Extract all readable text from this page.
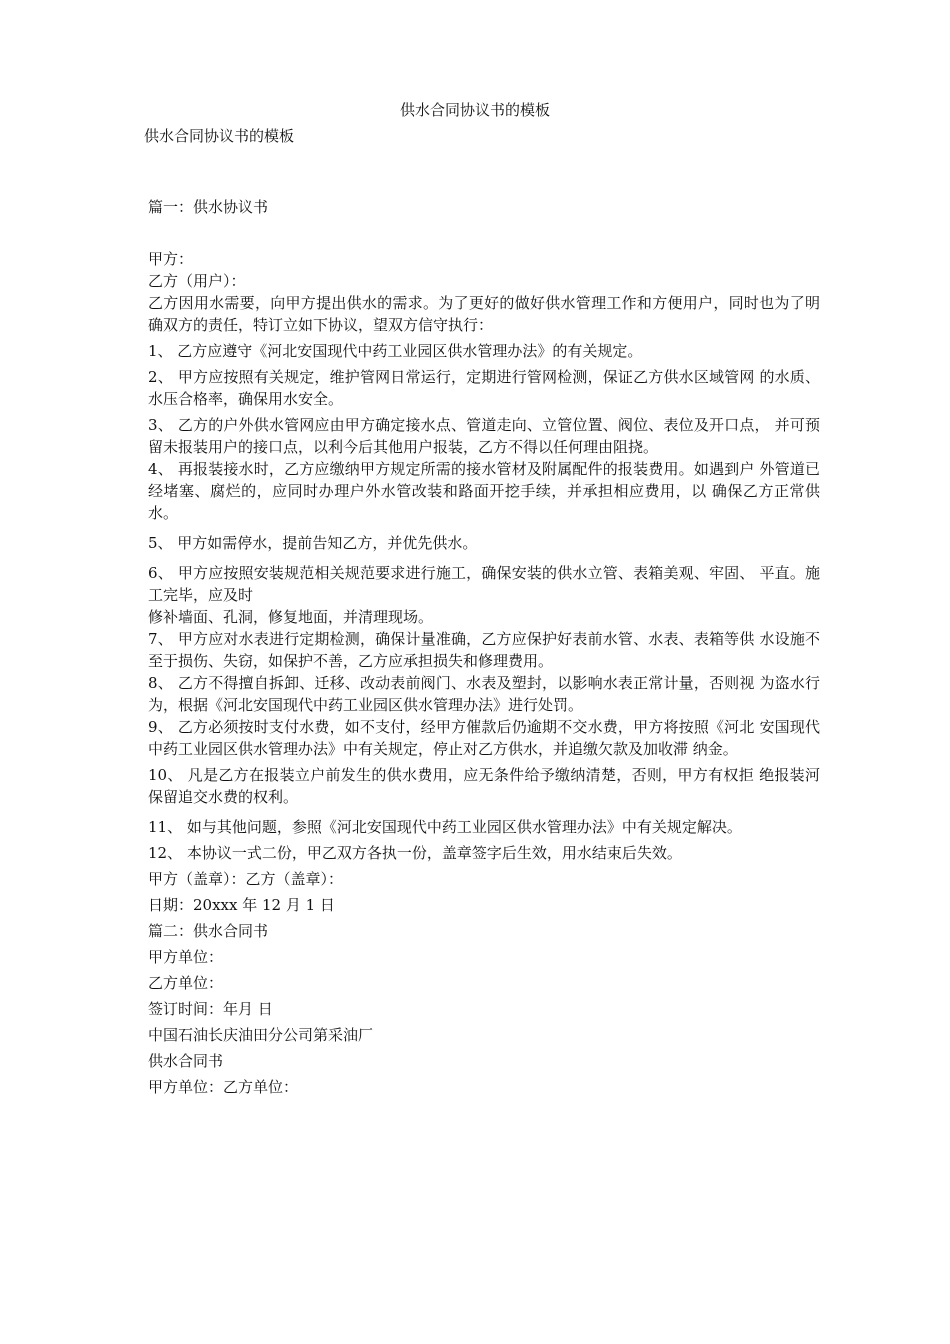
供水合同协议书的模板
供水合同协议书的模板

篇一：供水协议书

甲方：

乙方（用户）：

乙方因用水需要，向甲方提出供水的需求。为了更好的做好供水管理工作和方便用户，同时也为了明确双方的责任，特订立如下协议，望双方信守执行：

1、 乙方应遵守《河北安国现代中药工业园区供水管理办法》的有关规定。

2、 甲方应按照有关规定，维护管网日常运行，定期进行管网检测，保证乙方供水区域管网 的水质、水压合格率，确保用水安全。

3、 乙方的户外供水管网应由甲方确定接水点、管道走向、立管位置、阀位、表位及开口点， 并可预留未报装用户的接口点，以利今后其他用户报装，乙方不得以任何理由阻挠。

4、 再报装接水时，乙方应缴纳甲方规定所需的接水管材及附属配件的报装费用。如遇到户 外管道已经堵塞、腐烂的，应同时办理户外水管改装和路面开挖手续，并承担相应费用，以 确保乙方正常供水。

5、 甲方如需停水，提前告知乙方，并优先供水。

6、 甲方应按照安装规范相关规范要求进行施工，确保安装的供水立管、表箱美观、牢固、 平直。施工完毕，应及时

修补墙面、孔洞，修复地面，并清理现场。

7、 甲方应对水表进行定期检测，确保计量准确，乙方应保护好表前水管、水表、表箱等供 水设施不至于损伤、失窃，如保护不善，乙方应承担损失和修理费用。

8、 乙方不得擅自拆卸、迁移、改动表前阀门、水表及塑封，以影响水表正常计量，否则视 为盗水行为，根据《河北安国现代中药工业园区供水管理办法》进行处罚。

9、 乙方必须按时支付水费，如不支付，经甲方催款后仍逾期不交水费，甲方将按照《河北 安国现代中药工业园区供水管理办法》中有关规定，停止对乙方供水，并追缴欠款及加收滞 纳金。

10、 凡是乙方在报装立户前发生的供水费用，应无条件给予缴纳清楚，否则，甲方有权拒 绝报装河保留追交水费的权利。

11、 如与其他问题，参照《河北安国现代中药工业园区供水管理办法》中有关规定解决。

12、 本协议一式二份，甲乙双方各执一份，盖章签字后生效，用水结束后失效。

甲方（盖章）：乙方（盖章）：

日期：20xxx 年 12 月 1 日

篇二：供水合同书

甲方单位：

乙方单位：

签订时间：年月 日

中国石油长庆油田分公司第采油厂

供水合同书

甲方单位：乙方单位：
